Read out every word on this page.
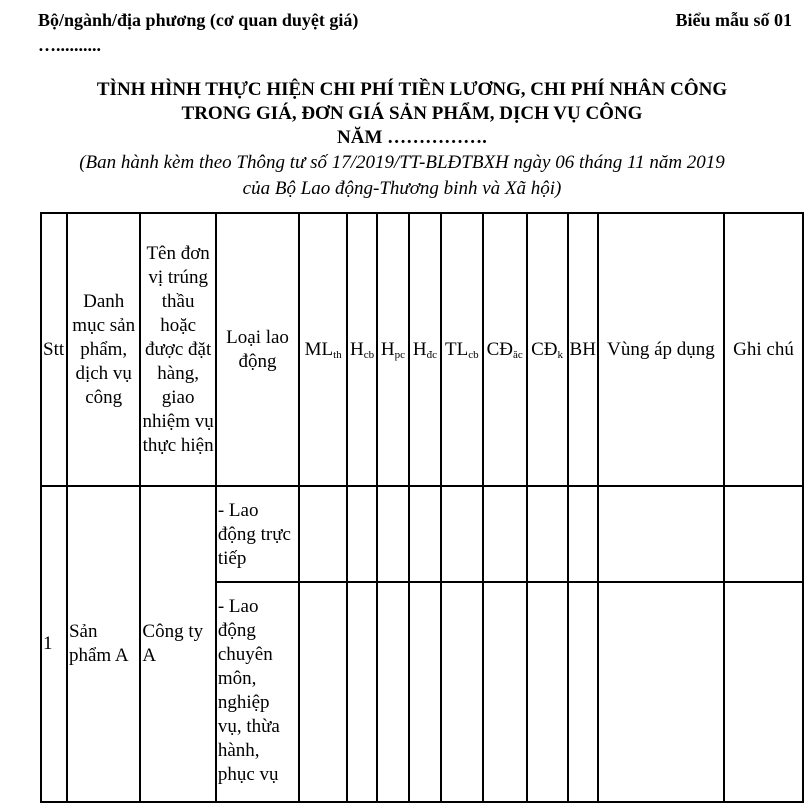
Bộ/ngành/địa phương (cơ quan duyệt giá) …..........
Biểu mẫu số 01
TÌNH HÌNH THỰC HIỆN CHI PHÍ TIỀN LƯƠNG, CHI PHÍ NHÂN CÔNG
TRONG GIÁ, ĐƠN GIÁ SẢN PHẨM, DỊCH VỤ CÔNG
NĂM …………….
(Ban hành kèm theo Thông tư số 17/2019/TT-BLĐTBXH ngày 06 tháng 11 năm 2019
của Bộ Lao động-Thương binh và Xã hội)
Stt	Danh mục sản phẩm, dịch vụ công	Tên đơn vị trúng thầu hoặc được đặt hàng, giao nhiệm vụ thực hiện	Loại lao động	$ML_{th}$	$H_{cb}$	$H_{pc}$	$H_{đc}$	$TL_{cb}$	$CĐ_{ăc}$	$CĐ_k$	BH	Vùng áp dụng	Ghi chú
1	Sản phẩm A	Công ty A	- Lao động trực tiếp										
			- Lao động chuyên môn, nghiệp vụ, thừa hành, phục vụ										
